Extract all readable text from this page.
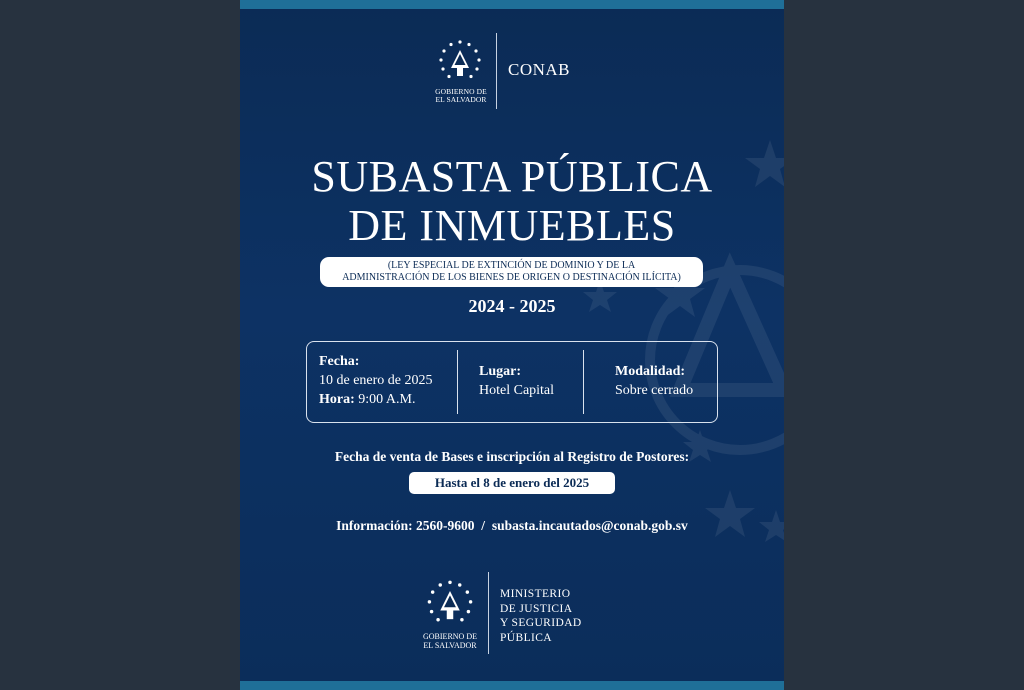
GOBIERNO DE
EL SALVADOR
CONAB
SUBASTA PÚBLICA
DE INMUEBLES
(LEY ESPECIAL DE EXTINCIÓN DE DOMINIO Y DE LA
ADMINISTRACIÓN DE LOS BIENES DE ORIGEN O DESTINACIÓN ILÍCITA)
2024 - 2025
Fecha:
10 de enero de 2025
Hora: 9:00 A.M.
Lugar:
Hotel Capital
Modalidad:
Sobre cerrado
Fecha de venta de Bases e inscripción al Registro de Postores:
Hasta el 8 de enero del 2025
Información: 2560-9600 / subasta.incautados@conab.gob.sv
GOBIERNO DE
EL SALVADOR
MINISTERIO
DE JUSTICIA
Y SEGURIDAD
PÚBLICA
